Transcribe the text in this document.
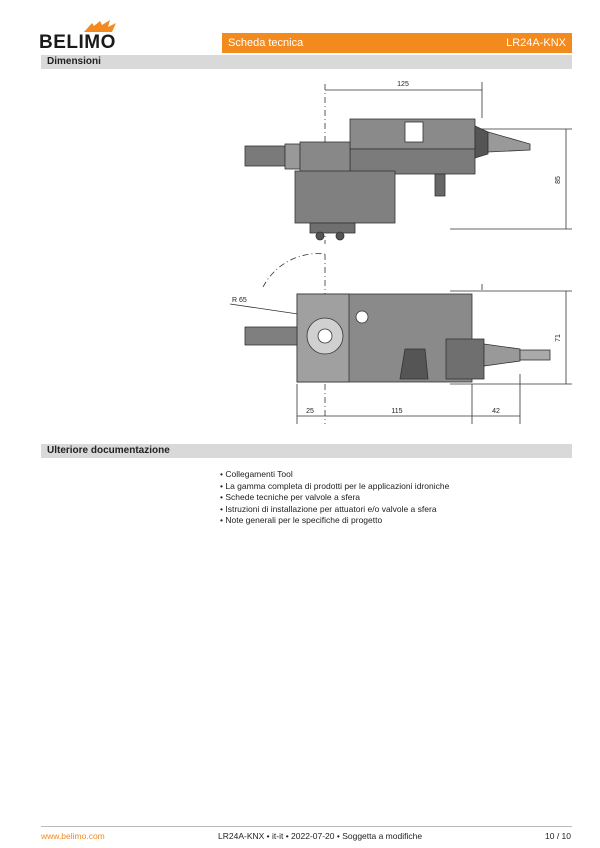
BELIMO	Scheda tecnica	LR24A-KNX
Dimensioni
125
85
71
25	115	42
R 65
Ulteriore documentazione
• Collegamenti Tool
• La gamma completa di prodotti per le applicazioni idroniche
• Schede tecniche per valvole a sfera
• Istruzioni di installazione per attuatori e/o valvole a sfera
• Note generali per le specifiche di progetto
www.belimo.com	LR24A-KNX • it-it • 2022-07-20 • Soggetta a modifiche	10 / 10
